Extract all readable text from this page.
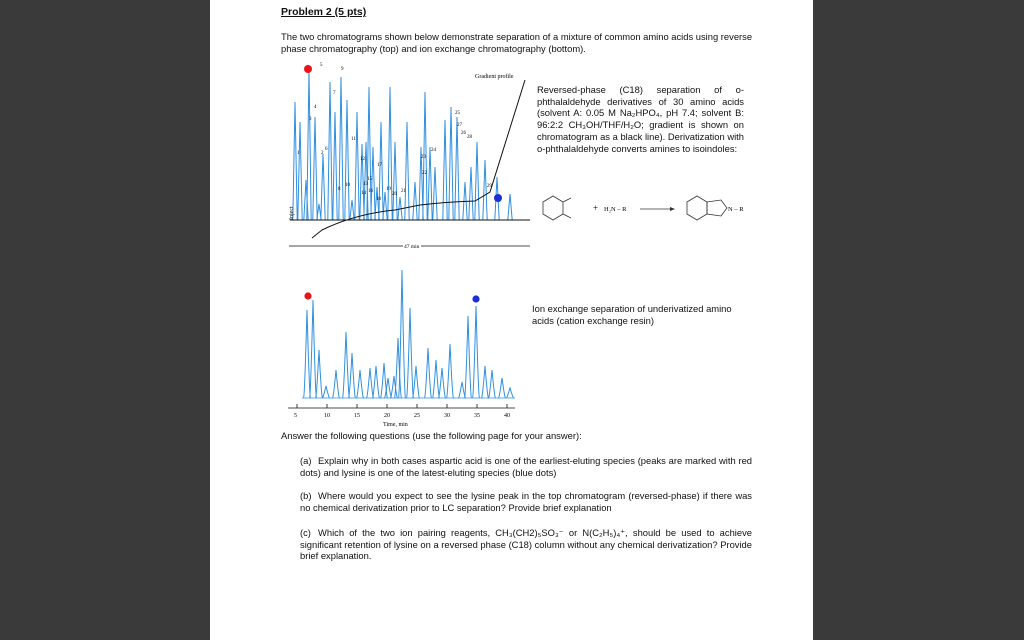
Problem 2 (5 pts)
The two chromatograms shown below demonstrate separation of a mixture of common amino acids using reverse phase chromatography (top) and ion exchange chromatography (bottom).
1	2
3
4
5
6
7
8
9
10
11
12
13
14
15
16
17
18
19
20
21
22
23
24
25
26
27
28
29
Gradient profile
Inject
47 min
Reversed-phase (C18) separation of o-phthalaldehyde derivatives of 30 amino acids (solvent A: 0.05 M Na₂HPO₄, pH 7.4; solvent B: 96:2:2 CH₃OH/THF/H₂O; gradient is shown on chromatogram as a black line). Derivatization with o-phthalaldehyde converts amines to isoindoles:
+ H₂N – R	N – R
5	10	15	20	25	30	35	40
Time, min
Ion exchange separation of underivatized amino acids (cation exchange resin)
Answer the following questions (use the following page for your answer):
(a) Explain why in both cases aspartic acid is one of the earliest-eluting species (peaks are marked with red dots) and lysine is one of the latest-eluting species (blue dots)
(b) Where would you expect to see the lysine peak in the top chromatogram (reversed-phase) if there was no chemical derivatization prior to LC separation? Provide brief explanation
(c) Which of the two ion pairing reagents, CH₃(CH2)₅SO₃⁻ or N(C₂H₅)₄⁺, should be used to achieve significant retention of lysine on a reversed phase (C18) column without any chemical derivatization? Provide brief explanation.
